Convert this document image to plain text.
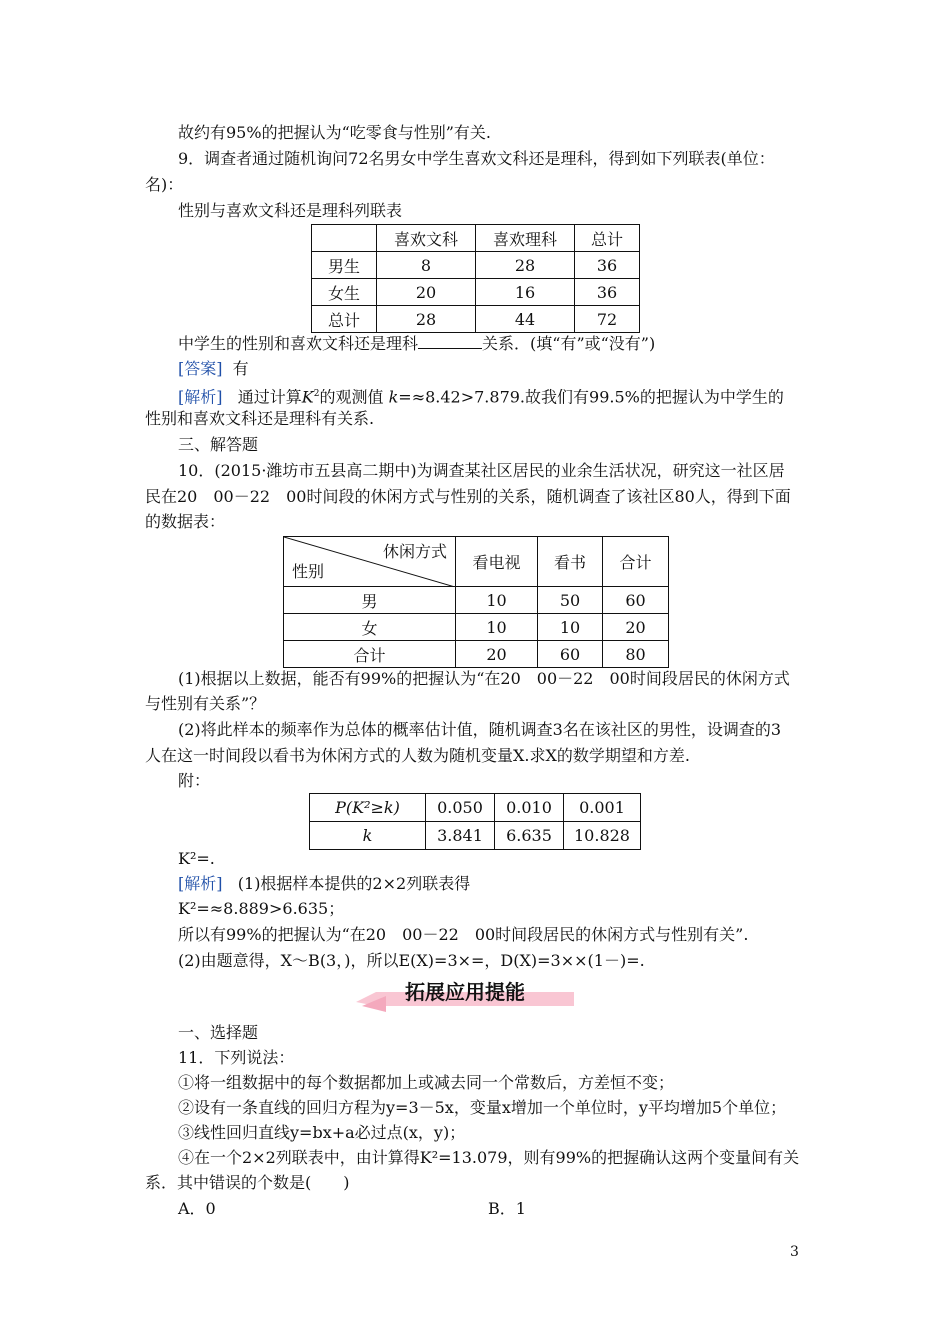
故约有95%的把握认为“吃零食与性别”有关.
9．调查者通过随机询问72名男女中学生喜欢文科还是理科，得到如下列联表(单位：
名)：
性别与喜欢文科还是理科列联表
	喜欢文科	喜欢理科	总计
男生	8	28	36
女生	20	16	36
总计	28	44	72
中学生的性别和喜欢文科还是理科	关系．(填“有”或“没有”)
[答案] 有
[解析] 通过计算$K^2$的观测值 k=≈8.42>7.879.故我们有99.5%的把握认为中学生的
性别和喜欢文科还是理科有关系.
三、解答题
10．(2015·潍坊市五县高二期中)为调查某社区居民的业余生活状况，研究这一社区居
民在20　00－22　00时间段的休闲方式与性别的关系，随机调查了该社区80人，得到下面
的数据表：
休闲方式
性别	看电视	看书	合计
男	10	50	60
女	10	10	20
合计	20	60	80
(1)根据以上数据，能否有99%的把握认为“在20　00－22　00时间段居民的休闲方式
与性别有关系”？
(2)将此样本的频率作为总体的概率估计值，随机调查3名在该社区的男性，设调查的3
人在这一时间段以看书为休闲方式的人数为随机变量X.求X的数学期望和方差.
附：
P(K²≥k)	0.050	0.010	0.001
k	3.841	6.635	10.828
K²=.
[解析] (1)根据样本提供的2×2列联表得
K²=≈8.889>6.635；
所以有99%的把握认为“在20　00－22　00时间段居民的休闲方式与性别有关”.
(2)由题意得，X～B(3，)，所以E(X)=3×=，D(X)=3××(1－)=.
拓展应用提能
一、选择题
11．下列说法：
①将一组数据中的每个数据都加上或减去同一个常数后，方差恒不变；
②设有一条直线的回归方程为y=3－5x，变量x增加一个单位时，y平均增加5个单位；
③线性回归直线y=bx+a必过点(x，y)；
④在一个2×2列联表中，由计算得K²=13.079，则有99%的把握确认这两个变量间有关
系．其中错误的个数是(　　)
A．0	B．1
3
